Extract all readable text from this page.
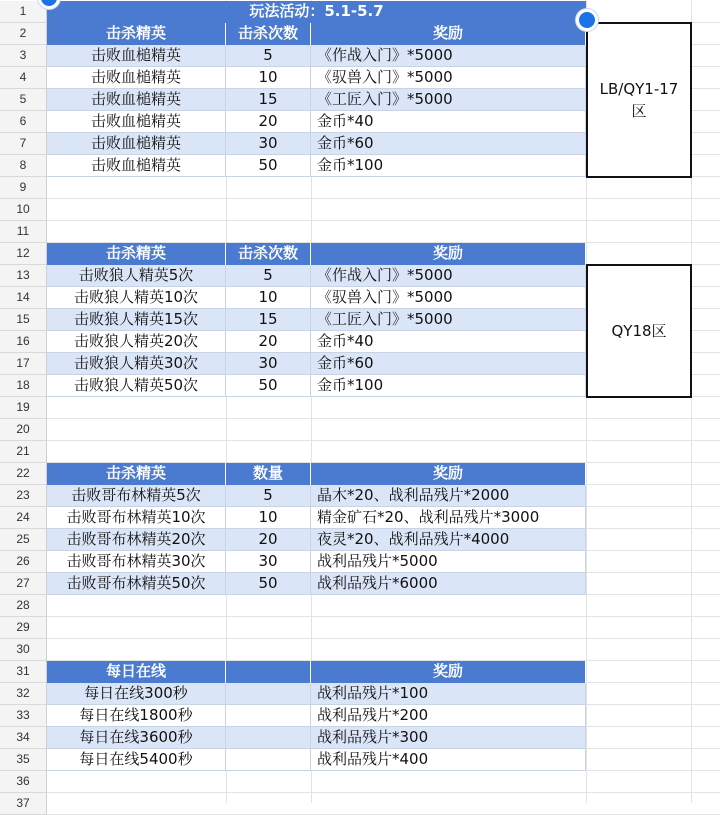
1
2
3
4
5
6
7
8
9
10
11
12
13
14
15
16
17
18
19
20
21
22
23
24
25
26
27
28
29
30
31
32
33
34
35
36
37
玩法活动：5.1-5.7
击杀精英	击杀次数	奖励
击败血槌精英	5	《作战入门》*5000
击败血槌精英	10	《驭兽入门》*5000
击败血槌精英	15	《工匠入门》*5000
击败血槌精英	20	金币*40
击败血槌精英	30	金币*60
击败血槌精英	50	金币*100
击杀精英	击杀次数	奖励
击败狼人精英5次	5	《作战入门》*5000
击败狼人精英10次	10	《驭兽入门》*5000
击败狼人精英15次	15	《工匠入门》*5000
击败狼人精英20次	20	金币*40
击败狼人精英30次	30	金币*60
击败狼人精英50次	50	金币*100
击杀精英	数量	奖励
击败哥布林精英5次	5	晶木*20、战利品残片*2000
击败哥布林精英10次	10	精金矿石*20、战利品残片*3000
击败哥布林精英20次	20	夜灵*20、战利品残片*4000
击败哥布林精英30次	30	战利品残片*5000
击败哥布林精英50次	50	战利品残片*6000
每日在线	奖励
每日在线300秒	战利品残片*100
每日在线1800秒	战利品残片*200
每日在线3600秒	战利品残片*300
每日在线5400秒	战利品残片*400
LB/QY1-17区
QY18区
